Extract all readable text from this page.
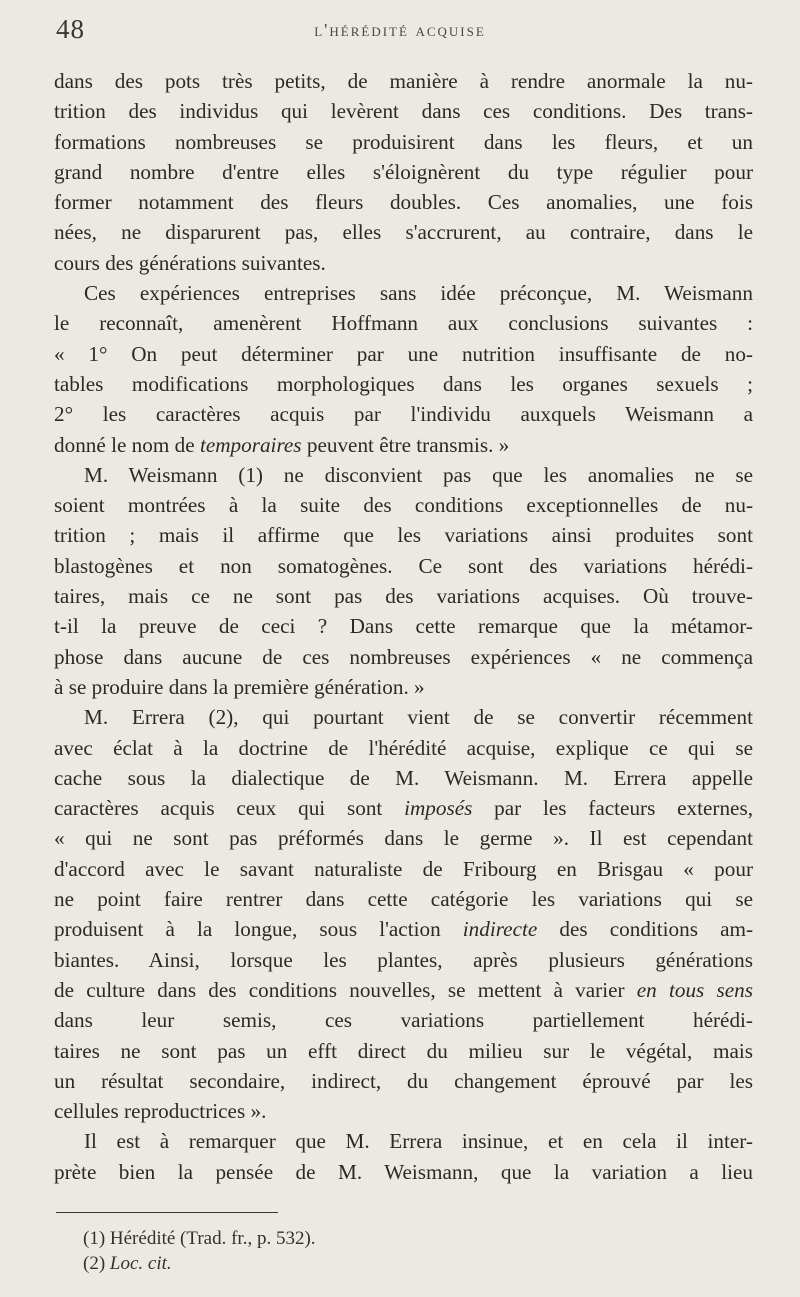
48	l'hérédité acquise

dans des pots très petits, de manière à rendre anormale la nu-

trition des individus qui levèrent dans ces conditions. Des trans-

formations nombreuses se produisirent dans les fleurs, et un

grand nombre d'entre elles s'éloignèrent du type régulier pour

former notamment des fleurs doubles. Ces anomalies, une fois

nées, ne disparurent pas, elles s'accrurent, au contraire, dans le

cours des générations suivantes.

Ces expériences entreprises sans idée préconçue, M. Weismann

le reconnaît, amenèrent Hoffmann aux conclusions suivantes :

« 1° On peut déterminer par une nutrition insuffisante de no-

tables modifications morphologiques dans les organes sexuels ;

2° les caractères acquis par l'individu auxquels Weismann a

donné le nom de temporaires peuvent être transmis. »

M. Weismann (1) ne disconvient pas que les anomalies ne se

soient montrées à la suite des conditions exceptionnelles de nu-

trition ; mais il affirme que les variations ainsi produites sont

blastogènes et non somatogènes. Ce sont des variations hérédi-

taires, mais ce ne sont pas des variations acquises. Où trouve-

t-il la preuve de ceci ? Dans cette remarque que la métamor-

phose dans aucune de ces nombreuses expériences « ne commença

à se produire dans la première génération. »

M. Errera (2), qui pourtant vient de se convertir récemment

avec éclat à la doctrine de l'hérédité acquise, explique ce qui se

cache sous la dialectique de M. Weismann. M. Errera appelle

caractères acquis ceux qui sont imposés par les facteurs externes,

« qui ne sont pas préformés dans le germe ». Il est cependant

d'accord avec le savant naturaliste de Fribourg en Brisgau « pour

ne point faire rentrer dans cette catégorie les variations qui se

produisent à la longue, sous l'action indirecte des conditions am-

biantes. Ainsi, lorsque les plantes, après plusieurs générations

de culture dans des conditions nouvelles, se mettent à varier en tous sens

dans leur semis, ces variations partiellement hérédi-

taires ne sont pas un efft direct du milieu sur le végétal, mais

un résultat secondaire, indirect, du changement éprouvé par les

cellules reproductrices ».

Il est à remarquer que M. Errera insinue, et en cela il inter-

prète bien la pensée de M. Weismann, que la variation a lieu

(1) Hérédité (Trad. fr., p. 532).
(2) Loc. cit.
